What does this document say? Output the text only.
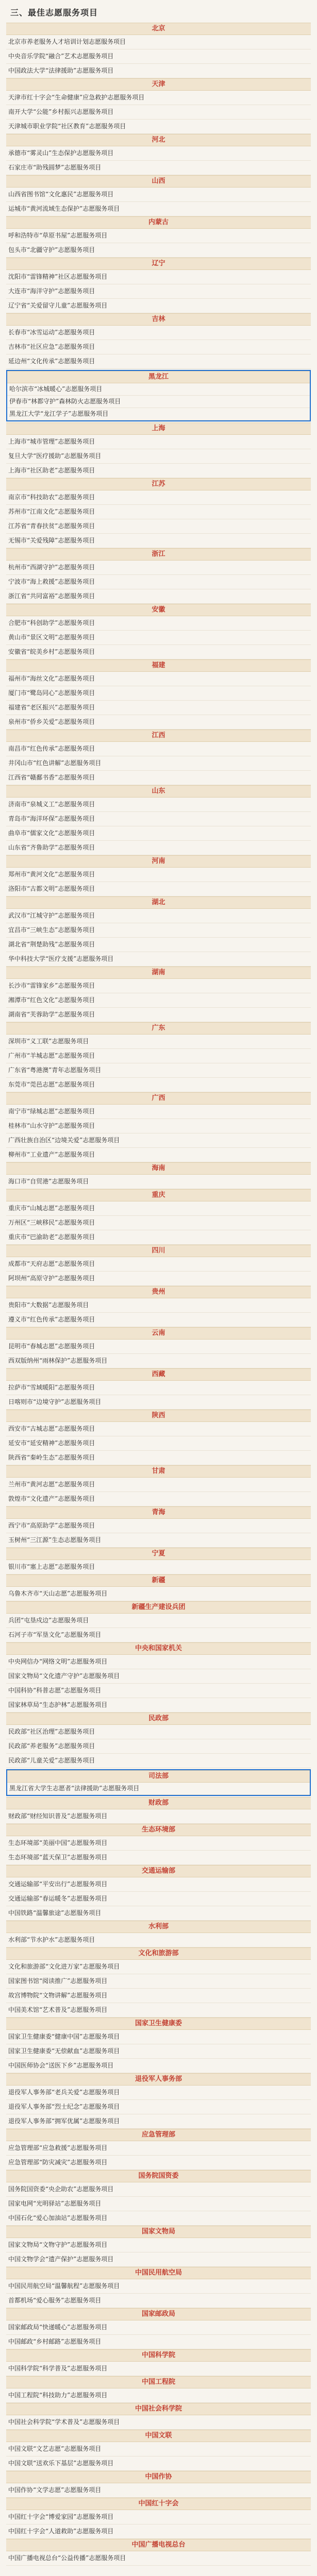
三、最佳志愿服务项目
北京
北京市养老服务人才培训计划志愿服务项目
中央音乐学院“融合”艺术志愿服务项目
中国政法大学“法律援助”志愿服务项目
天津
天津市红十字会“生命健康”应急救护志愿服务项目
南开大学“公能”乡村振兴志愿服务项目
天津城市职业学院“社区教育”志愿服务项目
河北
承德市“雾灵山”生态保护志愿服务项目
石家庄市“助残圆梦”志愿服务项目
山西
山西省图书馆“文化惠民”志愿服务项目
运城市“黄河流域生态保护”志愿服务项目
内蒙古
呼和浩特市“草原书屋”志愿服务项目
包头市“北疆守护”志愿服务项目
辽宁
沈阳市“雷锋精神”社区志愿服务项目
大连市“海洋守护”志愿服务项目
辽宁省“关爱留守儿童”志愿服务项目
吉林
长春市“冰雪运动”志愿服务项目
吉林市“社区应急”志愿服务项目
延边州“文化传承”志愿服务项目
黑龙江
哈尔滨市“冰城暖心”志愿服务项目
伊春市“林都守护”森林防火志愿服务项目
黑龙江大学“龙江学子”志愿服务项目
上海
上海市“城市管理”志愿服务项目
复旦大学“医疗援助”志愿服务项目
上海市“社区助老”志愿服务项目
江苏
南京市“科技助农”志愿服务项目
苏州市“江南文化”志愿服务项目
江苏省“青春扶贫”志愿服务项目
无锡市“关爱残障”志愿服务项目
浙江
杭州市“西湖守护”志愿服务项目
宁波市“海上救援”志愿服务项目
浙江省“共同富裕”志愿服务项目
安徽
合肥市“科创助学”志愿服务项目
黄山市“景区文明”志愿服务项目
安徽省“皖美乡村”志愿服务项目
福建
福州市“海丝文化”志愿服务项目
厦门市“鹭岛同心”志愿服务项目
福建省“老区振兴”志愿服务项目
泉州市“侨乡关爱”志愿服务项目
江西
南昌市“红色传承”志愿服务项目
井冈山市“红色讲解”志愿服务项目
江西省“赣鄱书香”志愿服务项目
山东
济南市“泉城义工”志愿服务项目
青岛市“海洋环保”志愿服务项目
曲阜市“儒家文化”志愿服务项目
山东省“齐鲁助学”志愿服务项目
河南
郑州市“黄河文化”志愿服务项目
洛阳市“古都文明”志愿服务项目
湖北
武汉市“江城守护”志愿服务项目
宜昌市“三峡生态”志愿服务项目
湖北省“荆楚助残”志愿服务项目
华中科技大学“医疗支援”志愿服务项目
湖南
长沙市“雷锋家乡”志愿服务项目
湘潭市“红色文化”志愿服务项目
湖南省“芙蓉助学”志愿服务项目
广东
深圳市“义工联”志愿服务项目
广州市“羊城志愿”志愿服务项目
广东省“粤港澳”青年志愿服务项目
东莞市“莞邑志愿”志愿服务项目
广西
南宁市“绿城志愿”志愿服务项目
桂林市“山水守护”志愿服务项目
广西壮族自治区“边境关爱”志愿服务项目
柳州市“工业遗产”志愿服务项目
海南
海口市“自贸港”志愿服务项目
重庆
重庆市“山城志愿”志愿服务项目
万州区“三峡移民”志愿服务项目
重庆市“巴渝助老”志愿服务项目
四川
成都市“天府志愿”志愿服务项目
阿坝州“高原守护”志愿服务项目
贵州
贵阳市“大数据”志愿服务项目
遵义市“红色传承”志愿服务项目
云南
昆明市“春城志愿”志愿服务项目
西双版纳州“雨林保护”志愿服务项目
西藏
拉萨市“雪域暖阳”志愿服务项目
日喀则市“边境守护”志愿服务项目
陕西
西安市“古城志愿”志愿服务项目
延安市“延安精神”志愿服务项目
陕西省“秦岭生态”志愿服务项目
甘肃
兰州市“黄河志愿”志愿服务项目
敦煌市“文化遗产”志愿服务项目
青海
西宁市“高原助学”志愿服务项目
玉树州“三江源”生态志愿服务项目
宁夏
银川市“塞上志愿”志愿服务项目
新疆
乌鲁木齐市“天山志愿”志愿服务项目
新疆生产建设兵团
兵团“屯垦戍边”志愿服务项目
石河子市“军垦文化”志愿服务项目
中央和国家机关
中央网信办“网络文明”志愿服务项目
国家文物局“文化遗产守护”志愿服务项目
中国科协“科普志愿”志愿服务项目
国家林草局“生态护林”志愿服务项目
民政部
民政部“社区治理”志愿服务项目
民政部“养老服务”志愿服务项目
民政部“儿童关爱”志愿服务项目
司法部
黑龙江省大学生志愿者“法律援助”志愿服务项目
财政部
财政部“财经知识普及”志愿服务项目
生态环境部
生态环境部“美丽中国”志愿服务项目
生态环境部“蓝天保卫”志愿服务项目
交通运输部
交通运输部“平安出行”志愿服务项目
交通运输部“春运暖冬”志愿服务项目
中国铁路“温馨旅途”志愿服务项目
水利部
水利部“节水护水”志愿服务项目
文化和旅游部
文化和旅游部“文化进万家”志愿服务项目
国家图书馆“阅读推广”志愿服务项目
故宫博物院“文物讲解”志愿服务项目
中国美术馆“艺术普及”志愿服务项目
国家卫生健康委
国家卫生健康委“健康中国”志愿服务项目
国家卫生健康委“无偿献血”志愿服务项目
中国医师协会“送医下乡”志愿服务项目
退役军人事务部
退役军人事务部“老兵关爱”志愿服务项目
退役军人事务部“烈士纪念”志愿服务项目
退役军人事务部“拥军优属”志愿服务项目
应急管理部
应急管理部“应急救援”志愿服务项目
应急管理部“防灾减灾”志愿服务项目
国务院国资委
国务院国资委“央企助农”志愿服务项目
国家电网“光明驿站”志愿服务项目
中国石化“爱心加油站”志愿服务项目
国家文物局
国家文物局“文物守护”志愿服务项目
中国文物学会“遗产保护”志愿服务项目
中国民用航空局
中国民用航空局“温馨航程”志愿服务项目
首都机场“爱心服务”志愿服务项目
国家邮政局
国家邮政局“快递暖心”志愿服务项目
中国邮政“乡村邮路”志愿服务项目
中国科学院
中国科学院“科学普及”志愿服务项目
中国工程院
中国工程院“科技助力”志愿服务项目
中国社会科学院
中国社会科学院“学术普及”志愿服务项目
中国文联
中国文联“文艺志愿”志愿服务项目
中国文联“送欢乐下基层”志愿服务项目
中国作协
中国作协“文学志愿”志愿服务项目
中国红十字会
中国红十字会“博爱家园”志愿服务项目
中国红十字会“人道救助”志愿服务项目
中国广播电视总台
中国广播电视总台“公益传播”志愿服务项目
